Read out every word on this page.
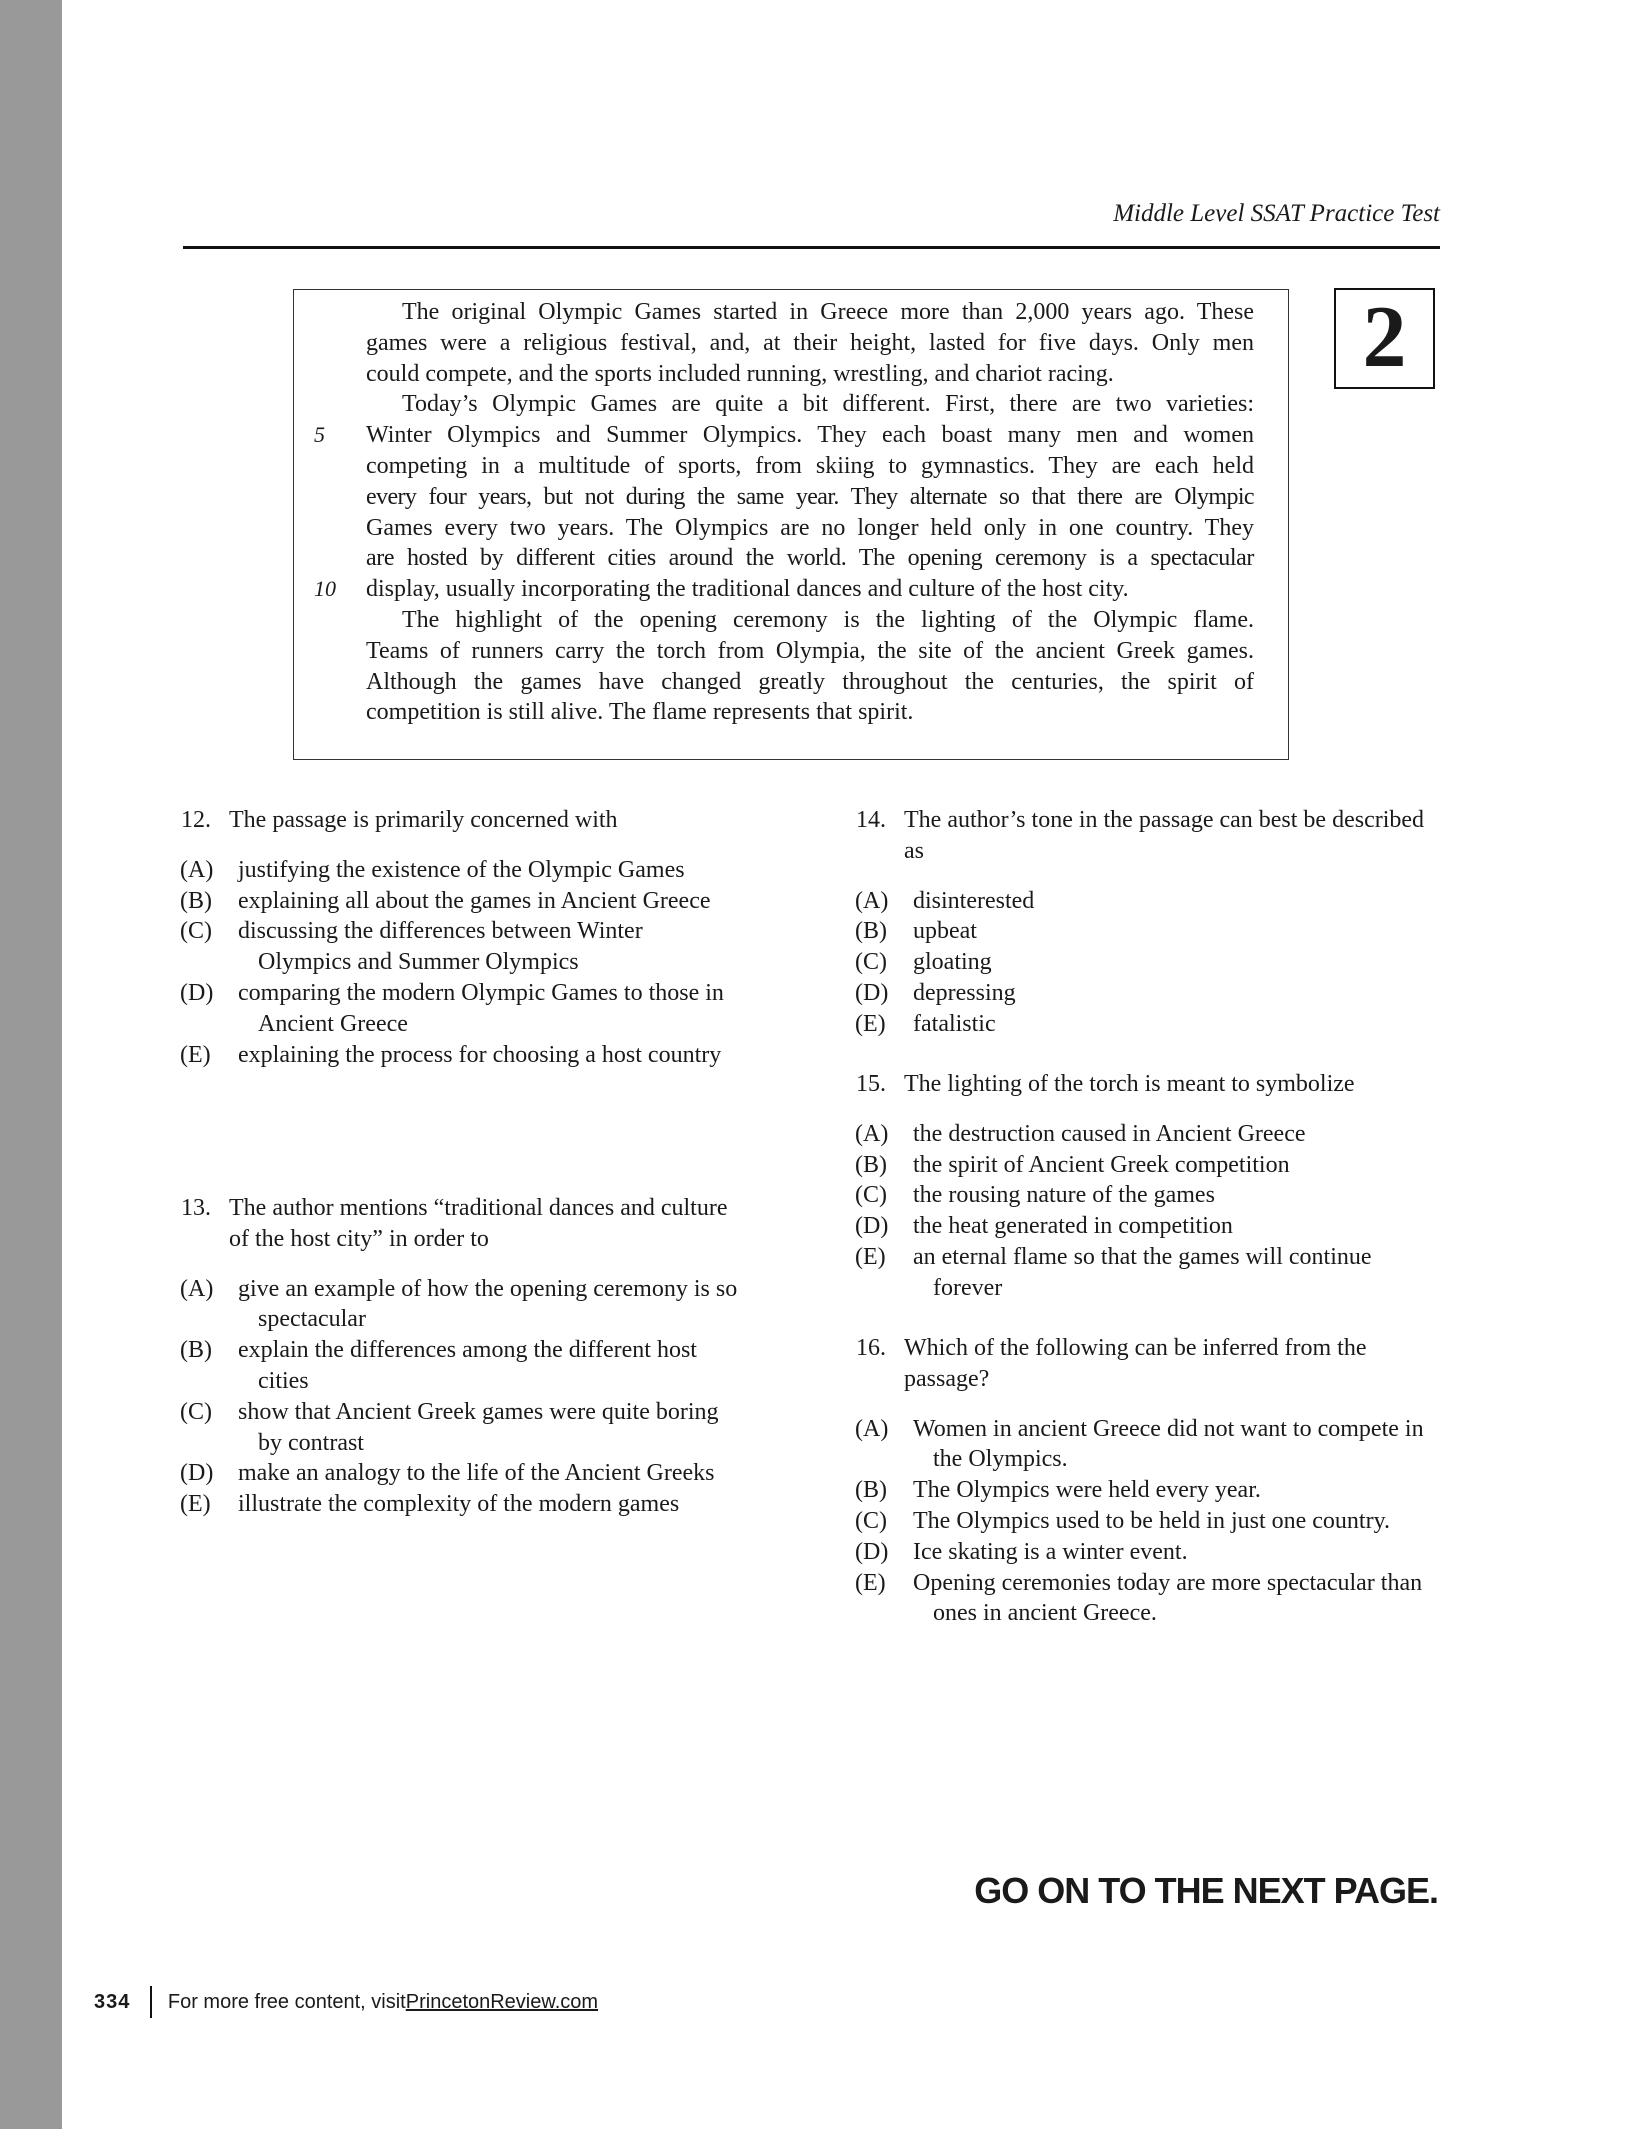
Middle Level SSAT Practice Test
2
The original Olympic Games started in Greece more than 2,000 years ago. These
games were a religious festival, and, at their height, lasted for five days. Only men
could compete, and the sports included running, wrestling, and chariot racing.
Today’s Olympic Games are quite a bit different. First, there are two varieties:
5	Winter Olympics and Summer Olympics. They each boast many men and women
competing in a multitude of sports, from skiing to gymnastics. They are each held
every four years, but not during the same year. They alternate so that there are Olympic
Games every two years. The Olympics are no longer held only in one country. They
are hosted by different cities around the world. The opening ceremony is a spectacular
10	display, usually incorporating the traditional dances and culture of the host city.
The highlight of the opening ceremony is the lighting of the Olympic flame.
Teams of runners carry the torch from Olympia, the site of the ancient Greek games.
Although the games have changed greatly throughout the centuries, the spirit of
competition is still alive. The flame represents that spirit.
12. The passage is primarily concerned with
(A) justifying the existence of the Olympic Games
(B) explaining all about the games in Ancient Greece
(C) discussing the differences between Winter Olympics and Summer Olympics
(D) comparing the modern Olympic Games to those in Ancient Greece
(E) explaining the process for choosing a host country
13. The author mentions “traditional dances and culture of the host city” in order to
(A) give an example of how the opening ceremony is so spectacular
(B) explain the differences among the different host cities
(C) show that Ancient Greek games were quite boring by contrast
(D) make an analogy to the life of the Ancient Greeks
(E) illustrate the complexity of the modern games
14. The author’s tone in the passage can best be described as
(A) disinterested
(B) upbeat
(C) gloating
(D) depressing
(E) fatalistic
15. The lighting of the torch is meant to symbolize
(A) the destruction caused in Ancient Greece
(B) the spirit of Ancient Greek competition
(C) the rousing nature of the games
(D) the heat generated in competition
(E) an eternal flame so that the games will continue forever
16. Which of the following can be inferred from the passage?
(A) Women in ancient Greece did not want to compete in the Olympics.
(B) The Olympics were held every year.
(C) The Olympics used to be held in just one country.
(D) Ice skating is a winter event.
(E) Opening ceremonies today are more spectacular than ones in ancient Greece.
GO ON TO THE NEXT PAGE.
334 For more free content, visit PrincetonReview.com
